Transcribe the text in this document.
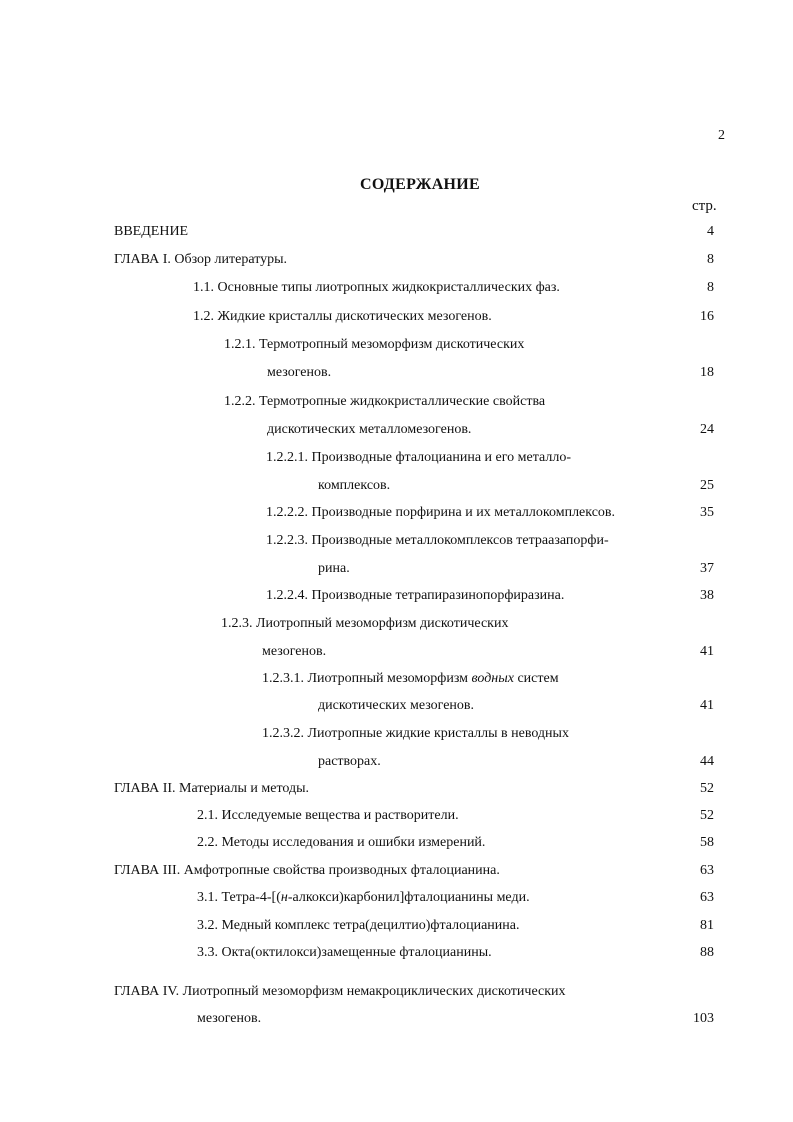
2
СОДЕРЖАНИЕ
стр.
ВВЕДЕНИЕ	4
ГЛАВА I. Обзор литературы.	8
1.1. Основные типы лиотропных жидкокристаллических фаз.	8
1.2. Жидкие кристаллы дискотических мезогенов.	16
1.2.1. Термотропный мезоморфизм дискотических
мезогенов.	18
1.2.2. Термотропные жидкокристаллические свойства
дискотических металломезогенов.	24
1.2.2.1. Производные фталоцианина и его металло-
комплексов.	25
1.2.2.2. Производные порфирина и их металлокомплексов.	35
1.2.2.3. Производные металлокомплексов тетраазапорфи-
рина.	37
1.2.2.4. Производные тетрапиразинопорфиразина.	38
1.2.3. Лиотропный мезоморфизм дискотических
мезогенов.	41
1.2.3.1. Лиотропный мезоморфизм водных систем
дискотических мезогенов.	41
1.2.3.2. Лиотропные жидкие кристаллы в неводных
растворах.	44
ГЛАВА II. Материалы и методы.	52
2.1. Исследуемые вещества и растворители.	52
2.2. Методы исследования и ошибки измерений.	58
ГЛАВА III. Амфотропные свойства производных фталоцианина.	63
3.1. Тетра-4-[(н-алкокси)карбонил]фталоцианины меди.	63
3.2. Медный комплекс тетра(децилтио)фталоцианина.	81
3.3. Окта(октилокси)замещенные фталоцианины.	88
ГЛАВА IV. Лиотропный мезоморфизм немакроциклических дискотических
мезогенов.	103
